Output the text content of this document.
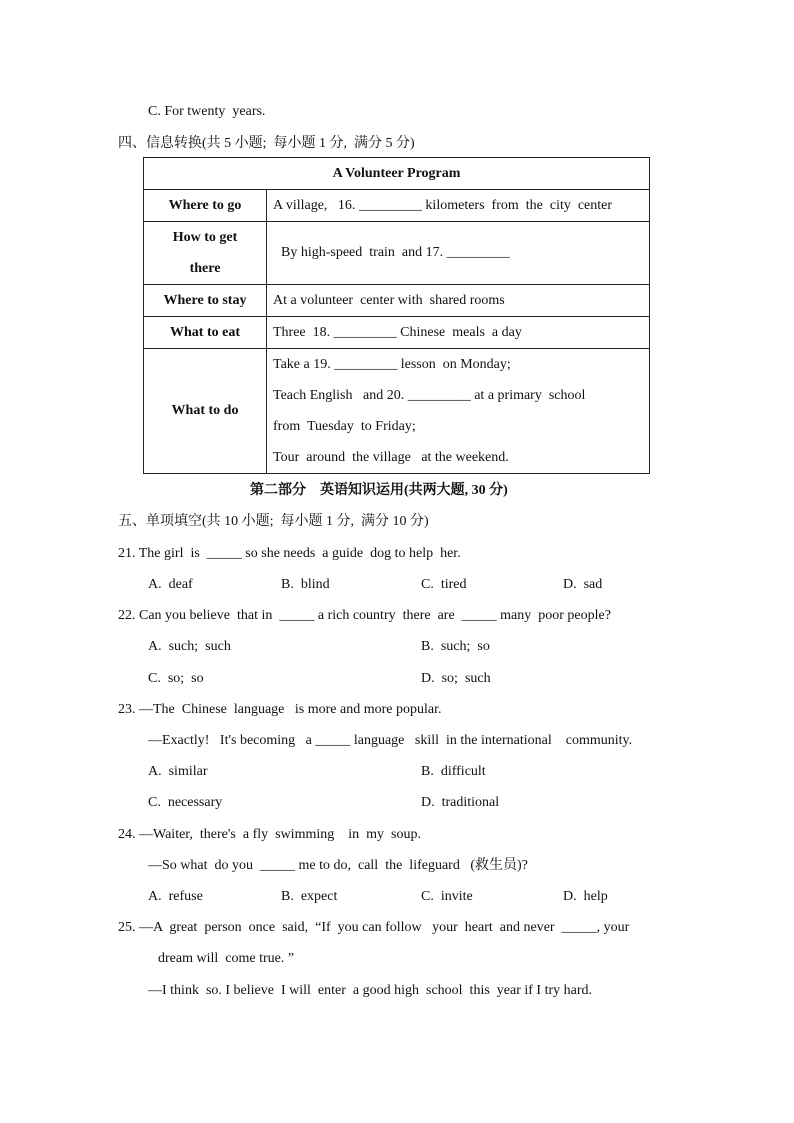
C. For twenty  years.
四、信息转换(共 5 小题;  每小题 1 分,  满分 5 分)
A Volunteer Program	
Where to go	A village,   16. _________ kilometers  from  the  city  center

How to get
there	By high-speed  train  and 17. _________
Where to stay	At a volunteer  center with  shared rooms
What to eat	Three  18. _________ Chinese  meals  a day
What to do	Take a 19. _________ lesson  on Monday;
Teach English   and 20. _________ at a primary  school
from  Tuesday  to Friday;
Tour  around  the village   at the weekend.
第二部分    英语知识运用(共两大题, 30 分)
五、单项填空(共 10 小题;  每小题 1 分,  满分 10 分)
21. The girl  is  _____ so she needs  a guide  dog to help  her.
A.  deaf	B.  blind	C.  tired	D.  sad
22. Can you believe  that in  _____ a rich country  there  are  _____ many  poor people?
A.  such;  such	B.  such;  so
C.  so;  so	D.  so;  such
23. —The  Chinese  language   is more and more popular.
—Exactly!   It's becoming   a _____ language   skill  in the international    community.
A.  similar	B.  difficult
C.  necessary	D.  traditional
24. —Waiter,  there's  a fly  swimming    in  my  soup.
—So what  do you  _____ me to do,  call  the  lifeguard   (救生员)?
A.  refuse	B.  expect	C.  invite	D.  help
25. —A  great  person  once  said,  “If  you can follow   your  heart  and never  _____, your
dream will  come true. ”
—I think  so. I believe  I will  enter  a good high  school  this  year if I try hard.
